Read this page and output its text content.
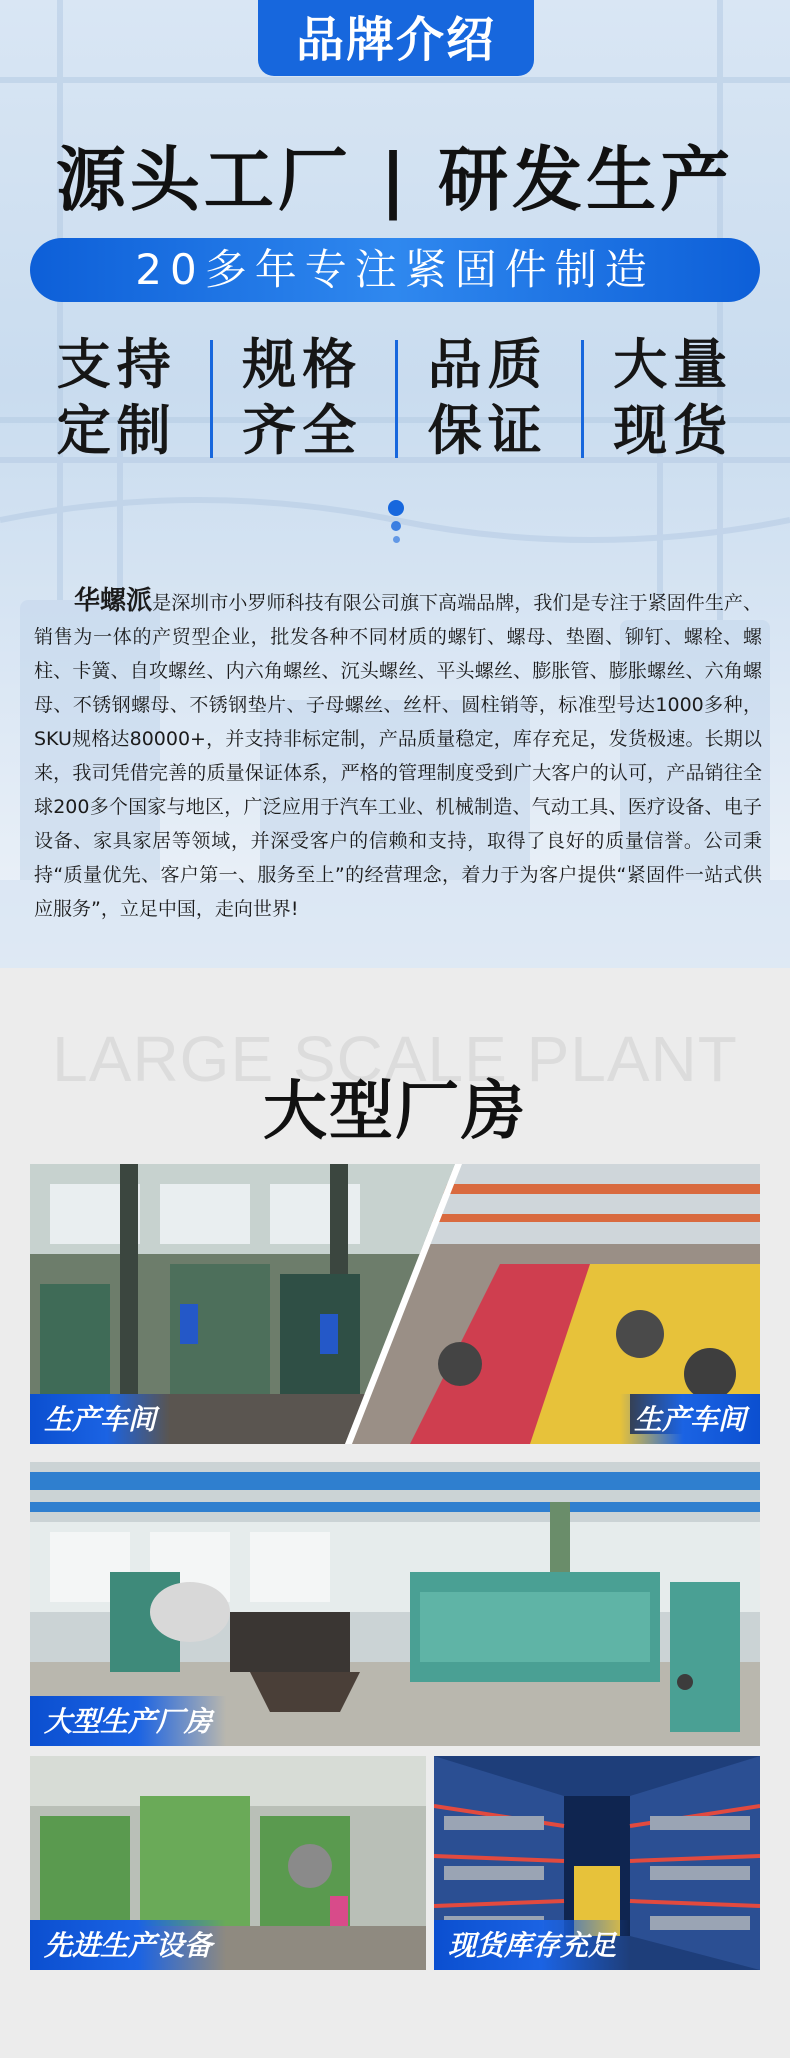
品牌介绍
源头工厂 | 研发生产
20多年专注紧固件制造
支持
定制
规格
齐全
品质
保证
大量
现货

华螺派是深圳市小罗师科技有限公司旗下高端品牌，我们是专注于紧固件生产、销售为一体的产贸型企业，批发各种不同材质的螺钉、螺母、垫圈、铆钉、螺栓、螺柱、卡簧、自攻螺丝、内六角螺丝、沉头螺丝、平头螺丝、膨胀管、膨胀螺丝、六角螺母、不锈钢螺母、不锈钢垫片、子母螺丝、丝杆、圆柱销等，标准型号达1000多种，SKU规格达80000+，并支持非标定制，产品质量稳定，库存充足，发货极速。长期以来，我司凭借完善的质量保证体系，严格的管理制度受到广大客户的认可，产品销往全球200多个国家与地区，广泛应用于汽车工业、机械制造、气动工具、医疗设备、电子设备、家具家居等领域，并深受客户的信赖和支持，取得了良好的质量信誉。公司秉持“质量优先、客户第一、服务至上”的经营理念，着力于为客户提供“紧固件一站式供应服务”，立足中国，走向世界!

LARGE SCALE PLANT
大型厂房
生产车间	生产车间
大型生产厂房
先进生产设备	现货库存充足
